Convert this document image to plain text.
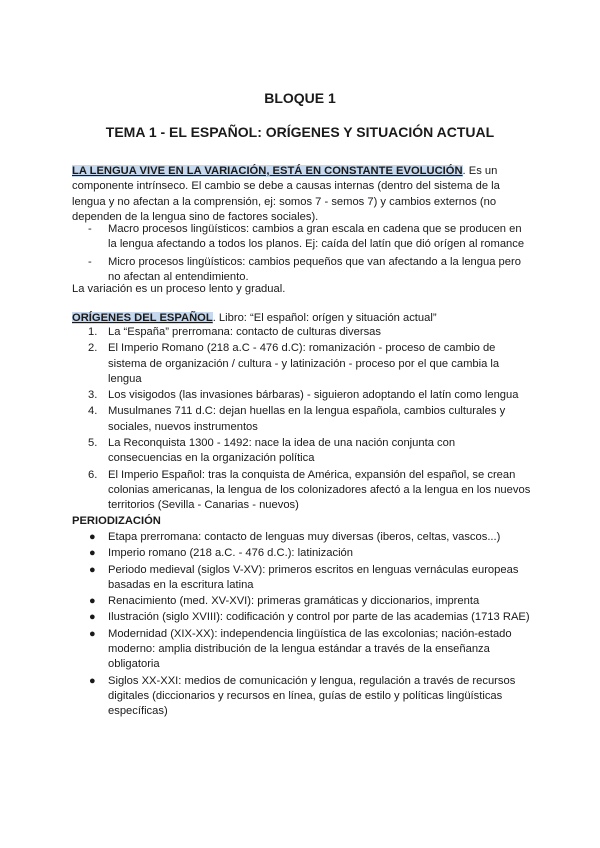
BLOQUE 1
TEMA 1 - EL ESPAÑOL: ORÍGENES Y SITUACIÓN ACTUAL

LA LENGUA VIVE EN LA VARIACIÓN, ESTÁ EN CONSTANTE EVOLUCIÓN. Es un componente intrínseco. El cambio se debe a causas internas (dentro del sistema de la lengua y no afectan a la comprensión, ej: somos 7 - semos 7) y cambios externos (no dependen de la lengua sino de factores sociales).

- Macro procesos lingüísticos: cambios a gran escala en cadena que se producen en la lengua afectando a todos los planos. Ej: caída del latín que dió orígen al romance
- Micro procesos lingüísticos: cambios pequeños que van afectando a la lengua pero no afectan al entendimiento.

La variación es un proceso lento y gradual.

ORÍGENES DEL ESPAÑOL. Libro: “El español: orígen y situación actual”

1. La “España” prerromana: contacto de culturas diversas
2. El Imperio Romano (218 a.C - 476 d.C): romanización - proceso de cambio de sistema de organización / cultura - y latinización - proceso por el que cambia la lengua
3. Los visigodos (las invasiones bárbaras) - siguieron adoptando el latín como lengua
4. Musulmanes 711 d.C: dejan huellas en la lengua española, cambios culturales y sociales, nuevos instrumentos
5. La Reconquista 1300 - 1492: nace la idea de una nación conjunta con consecuencias en la organización política
6. El Imperio Español: tras la conquista de América, expansión del español, se crean colonias americanas, la lengua de los colonizadores afectó a la lengua en los nuevos territorios (Sevilla - Canarias - nuevos)

PERIODIZACIÓN

● Etapa prerromana: contacto de lenguas muy diversas (iberos, celtas, vascos...)
● Imperio romano (218 a.C. - 476 d.C.): latinización
● Periodo medieval (siglos V-XV): primeros escritos en lenguas vernáculas europeas basadas en la escritura latina
● Renacimiento (med. XV-XVI): primeras gramáticas y diccionarios, imprenta
● Ilustración (siglo XVIII): codificación y control por parte de las academias (1713 RAE)
● Modernidad (XIX-XX): independencia lingüística de las excolonias; nación-estado moderno: amplia distribución de la lengua estándar a través de la enseñanza obligatoria
● Siglos XX-XXI: medios de comunicación y lengua, regulación a través de recursos digitales (diccionarios y recursos en línea, guías de estilo y políticas lingüísticas específicas)
